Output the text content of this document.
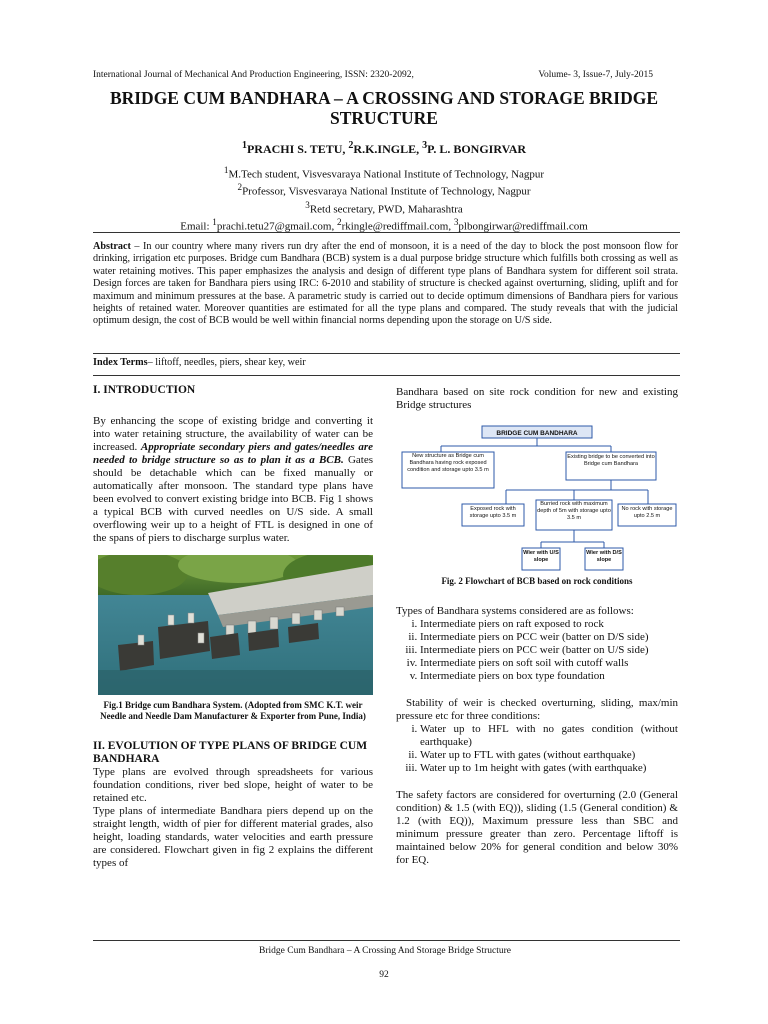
International Journal of Mechanical And Production Engineering, ISSN: 2320-2092,	Volume- 3, Issue-7, July-2015
BRIDGE CUM BANDHARA – A CROSSING AND STORAGE BRIDGE STRUCTURE
$^1$PRACHI S. TETU, $^2$R.K.INGLE, $^3$P. L. BONGIRVAR
$^1$M.Tech student, Visvesvaraya National Institute of Technology, Nagpur
$^2$Professor, Visvesvaraya National Institute of Technology, Nagpur
$^3$Retd secretary, PWD, Maharashtra
Email: $^1$prachi.tetu27@gmail.com, $^2$rkingle@rediffmail.com, $^3$plbongirwar@rediffmail.com
Abstract – In our country where many rivers run dry after the end of monsoon, it is a need of the day to block the post monsoon flow for drinking, irrigation etc purposes. Bridge cum Bandhara (BCB) system is a dual purpose bridge structure which fulfills both crossing as well as water retaining motives. This paper emphasizes the analysis and design of different type plans of Bandhara system for different soil strata. Design forces are taken for Bandhara piers using IRC: 6-2010 and stability of structure is checked against overturning, sliding, uplift and for maximum and minimum pressures at the base. A parametric study is carried out to decide optimum dimensions of Bandhara piers for various heights of retained water. Moreover quantities are estimated for all the type plans and compared. The study reveals that with the judicial optimum design, the cost of BCB would be well within financial norms depending upon the storage on U/S side.
Index Terms– liftoff, needles, piers, shear key, weir
I. INTRODUCTION

By enhancing the scope of existing bridge and converting it into water retaining structure, the availability of water can be increased. Appropriate secondary piers and gates/needles are needed to bridge structure so as to plan it as a BCB. Gates should be detachable which can be fixed manually or automatically after monsoon. The standard type plans have been evolved to convert existing bridge into BCB. Fig 1 shows a typical BCB with curved needles on U/S side. A small overflowing weir up to a height of FTL is designed in one of the spans of piers to discharge surplus water.

Fig.1 Bridge cum Bandhara System. (Adopted from SMC K.T. weir Needle and Needle Dam Manufacturer & Exporter from Pune, India)
II. EVOLUTION OF TYPE PLANS OF BRIDGE CUM BANDHARA

Type plans are evolved through spreadsheets for various foundation conditions, river bed slope, height of water to be retained etc.

Type plans of intermediate Bandhara piers depend up on the straight length, width of pier for different material grades, also height, loading standards, water velocities and earth pressure are considered. Flowchart given in fig 2 explains the different types of

Bandhara based on site rock condition for new and existing Bridge structures

BRIDGE CUM BANDHARA
New structure as Bridge cum Bandhara having rock exposed condition and storage upto 3.5 m
Existing bridge to be converted into Bridge cum Bandhara
Exposed rock with storage upto 3.5 m
Burried rock with maximum depth of 5m with storage upto 3.5 m
No rock with storage upto 2.5 m
Wier with U/S slope
Wier with D/S slope
Fig. 2 Flowchart of BCB based on rock conditions

Types of Bandhara systems considered are as follows:

i. Intermediate piers on raft exposed to rock
ii. Intermediate piers on PCC weir (batter on D/S side)
iii. Intermediate piers on PCC weir (batter on U/S side)
iv. Intermediate piers on soft soil with cutoff walls
v. Intermediate piers on box type foundation

Stability of weir is checked overturning, sliding, max/min pressure etc for three conditions:

i. Water up to HFL with no gates condition (without earthquake)
ii. Water up to FTL with gates (without earthquake)
iii. Water up to 1m height with gates (with earthquake)

The safety factors are considered for overturning (2.0 (General condition) & 1.5 (with EQ)), sliding (1.5 (General condition) & 1.2 (with EQ)), Maximum pressure less than SBC and minimum pressure greater than zero. Percentage liftoff is maintained below 20% for general condition and below 30% for EQ.

Bridge Cum Bandhara – A Crossing And Storage Bridge Structure
92
